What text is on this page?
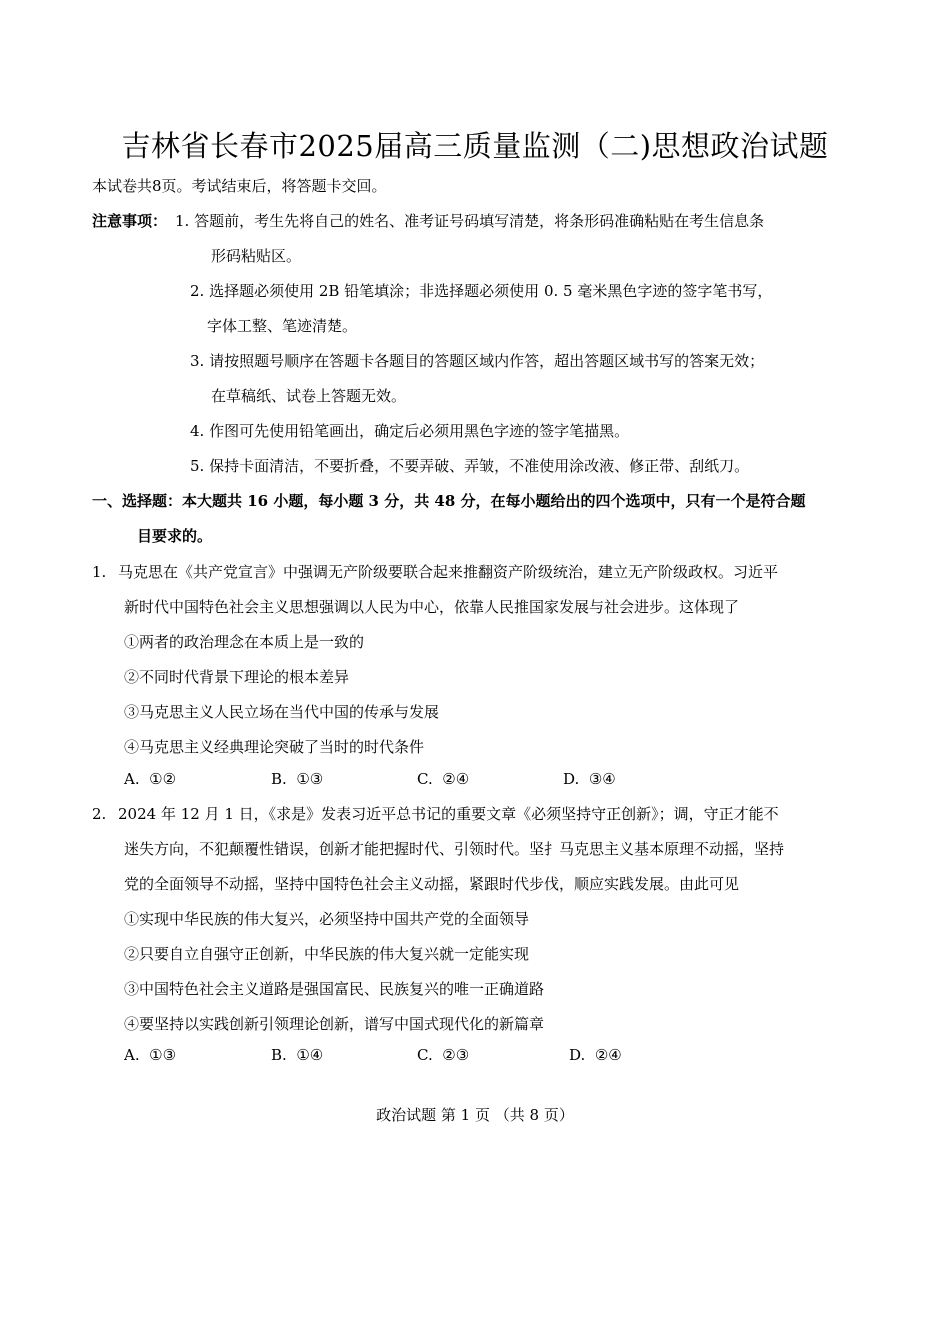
吉林省长春市2025届高三质量监测（二)思想政治试题
本试卷共8页。考试结束后，将答题卡交回。
注意事项： 1. 答题前，考生先将自己的姓名、准考证号码填写清楚，将条形码准确粘贴在考生信息条
形码粘贴区。
2. 选择题必须使用 2B 铅笔填涂；非选择题必须使用 0. 5 毫米黑色字迹的签字笔书写，
字体工整、笔迹清楚。
3. 请按照题号顺序在答题卡各题目的答题区域内作答，超出答题区域书写的答案无效；
在草稿纸、试卷上答题无效。
4. 作图可先使用铅笔画出，确定后必须用黑色字迹的签字笔描黑。
5. 保持卡面清洁，不要折叠，不要弄破、弄皱，不准使用涂改液、修正带、刮纸刀。
一、选择题：本大题共 16 小题，每小题 3 分，共 48 分，在每小题给出的四个选项中，只有一个是符合题
目要求的。
1. 马克思在《共产党宣言》中强调无产阶级要联合起来推翻资产阶级统治，建立无产阶级政权。习近平
新时代中国特色社会主义思想强调以人民为中心，依靠人民推国家发展与社会进步。这体现了
①两者的政治理念在本质上是一致的
②不同时代背景下理论的根本差异
③马克思主义人民立场在当代中国的传承与发展
④马克思主义经典理论突破了当时的时代条件
A. ①②	B. ①③	C. ②④	D. ③④
2. 2024 年 12 月 1 日，《求是》发表习近平总书记的重要文章《必须坚持守正创新》；调，守正才能不
迷失方向，不犯颠覆性错误，创新才能把握时代、引领时代。坚扌马克思主义基本原理不动摇，坚持
党的全面领导不动摇，坚持中国特色社会主义动摇，紧跟时代步伐，顺应实践发展。由此可见
①实现中华民族的伟大复兴，必须坚持中国共产党的全面领导
②只要自立自强守正创新，中华民族的伟大复兴就一定能实现
③中国特色社会主义道路是强国富民、民族复兴的唯一正确道路
④要坚持以实践创新引领理论创新，谱写中国式现代化的新篇章
A. ①③	B. ①④	C. ②③	D. ②④
政治试题 第 1 页 （共 8 页）
